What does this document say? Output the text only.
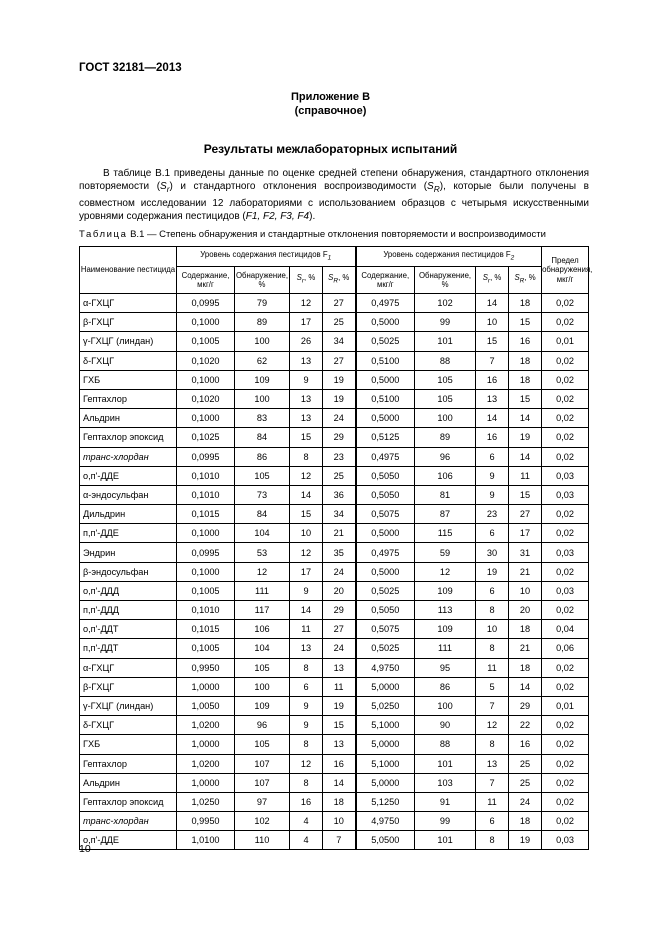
ГОСТ 32181—2013
Приложение В
(справочное)
Результаты межлабораторных испытаний

В таблице В.1 приведены данные по оценке средней степени обнаружения, стандартного отклонения повторяемости $(S_r)$ и стандартного отклонения воспроизводимости $(S_R)$, которые были получены в совместном исследовании 12 лабораториями с использованием образцов с четырьмя искусственными уровнями содержания пестицидов (F1, F2, F3, F4).

Таблица В.1 — Степень обнаружения и стандартные отклонения повторяемости и воспроизводимости
Наименование пестицида	Уровень содержания пестицидов $F_1$				Уровень содержания пестицидов $F_2$				Предел обнаружения, мкг/г
	Содержание, мкг/г	Обнаружение, %	$S_r$, %	$S_R$, %	Содержание, мкг/г	Обнаружение, %	$S_r$, %	$S_R$, %	
α-ГХЦГ	0,0995	79	12	27	0,4975	102	14	18	0,02
β-ГХЦГ	0,1000	89	17	25	0,5000	99	10	15	0,02
γ-ГХЦГ (линдан)	0,1005	100	26	34	0,5025	101	15	16	0,01
δ-ГХЦГ	0,1020	62	13	27	0,5100	88	7	18	0,02
ГХБ	0,1000	109	9	19	0,5000	105	16	18	0,02
Гептахлор	0,1020	100	13	19	0,5100	105	13	15	0,02
Альдрин	0,1000	83	13	24	0,5000	100	14	14	0,02
Гептахлор эпоксид	0,1025	84	15	29	0,5125	89	16	19	0,02
транс-хлордан	0,0995	86	8	23	0,4975	96	6	14	0,02
о,п'-ДДЕ	0,1010	105	12	25	0,5050	106	9	11	0,03
α-эндосульфан	0,1010	73	14	36	0,5050	81	9	15	0,03
Дильдрин	0,1015	84	15	34	0,5075	87	23	27	0,02
п,п'-ДДЕ	0,1000	104	10	21	0,5000	115	6	17	0,02
Эндрин	0,0995	53	12	35	0,4975	59	30	31	0,03
β-эндосульфан	0,1000	12	17	24	0,5000	12	19	21	0,02
о,п'-ДДД	0,1005	111	9	20	0,5025	109	6	10	0,03
п,п'-ДДД	0,1010	117	14	29	0,5050	113	8	20	0,02
о,п'-ДДТ	0,1015	106	11	27	0,5075	109	10	18	0,04
п,п'-ДДТ	0,1005	104	13	24	0,5025	111	8	21	0,06
α-ГХЦГ	0,9950	105	8	13	4,9750	95	11	18	0,02
β-ГХЦГ	1,0000	100	6	11	5,0000	86	5	14	0,02
γ-ГХЦГ (линдан)	1,0050	109	9	19	5,0250	100	7	29	0,01
δ-ГХЦГ	1,0200	96	9	15	5,1000	90	12	22	0,02
ГХБ	1,0000	105	8	13	5,0000	88	8	16	0,02
Гептахлор	1,0200	107	12	16	5,1000	101	13	25	0,02
Альдрин	1,0000	107	8	14	5,0000	103	7	25	0,02
Гептахлор эпоксид	1,0250	97	16	18	5,1250	91	11	24	0,02
транс-хлордан	0,9950	102	4	10	4,9750	99	6	18	0,02
о,п'-ДДЕ	1,0100	110	4	7	5,0500	101	8	19	0,03
10
